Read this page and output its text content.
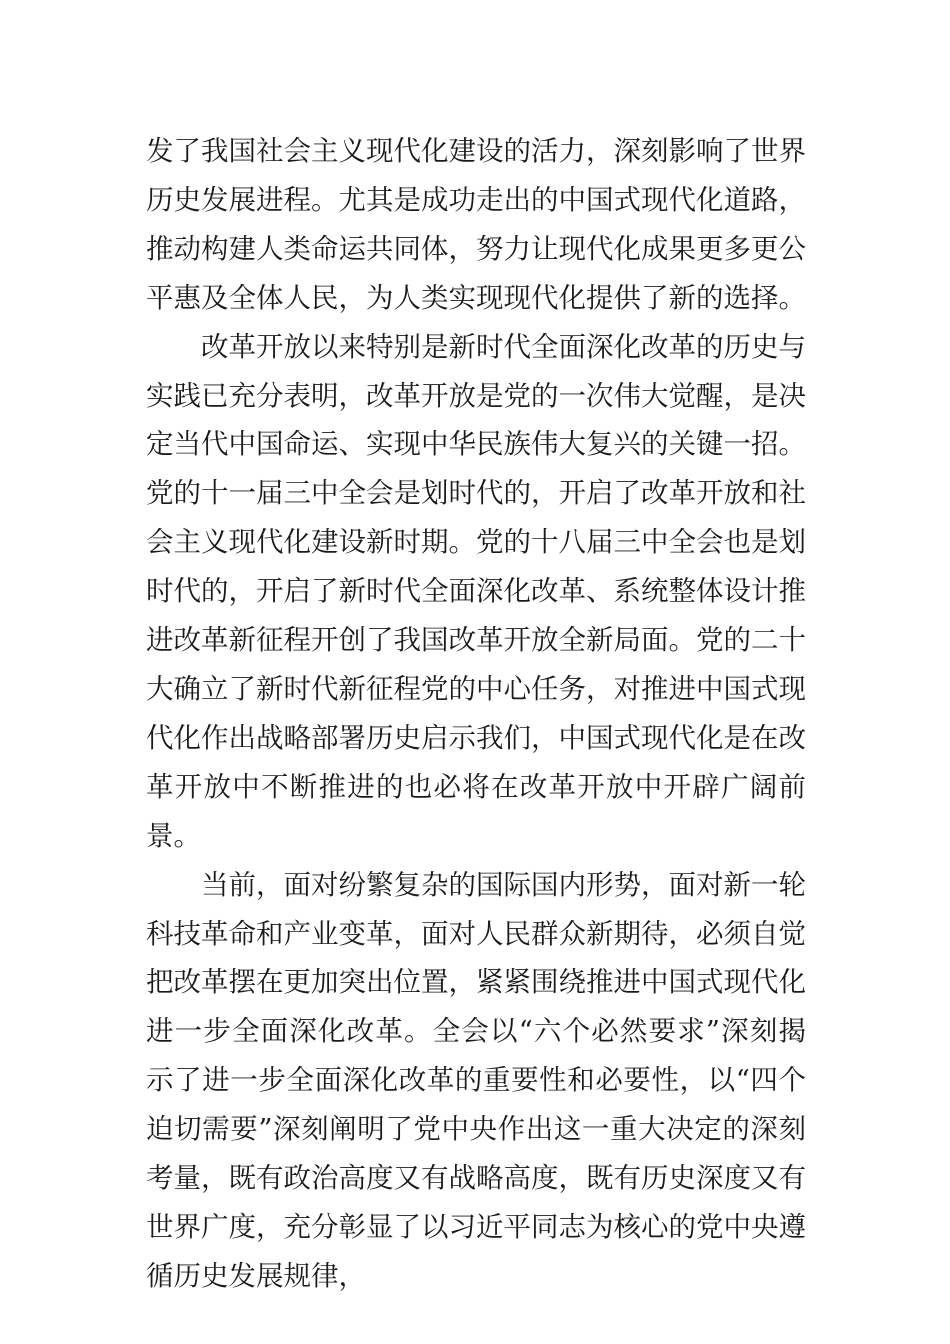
发了我国社会主义现代化建设的活力，深刻影响了世界历史发展进程。尤其是成功走出的中国式现代化道路，推动构建人类命运共同体，努力让现代化成果更多更公平惠及全体人民，为人类实现现代化提供了新的选择。

改革开放以来特别是新时代全面深化改革的历史与实践已充分表明，改革开放是党的一次伟大觉醒，是决定当代中国命运、实现中华民族伟大复兴的关键一招。党的十一届三中全会是划时代的，开启了改革开放和社会主义现代化建设新时期。党的十八届三中全会也是划时代的，开启了新时代全面深化改革、系统整体设计推进改革新征程开创了我国改革开放全新局面。党的二十大确立了新时代新征程党的中心任务，对推进中国式现代化作出战略部署历史启示我们，中国式现代化是在改革开放中不断推进的也必将在改革开放中开辟广阔前景。

当前，面对纷繁复杂的国际国内形势，面对新一轮科技革命和产业变革，面对人民群众新期待，必须自觉把改革摆在更加突出位置，紧紧围绕推进中国式现代化进一步全面深化改革。全会以“六个必然要求”深刻揭示了进一步全面深化改革的重要性和必要性，以“四个迫切需要”深刻阐明了党中央作出这一重大决定的深刻考量，既有政治高度又有战略高度，既有历史深度又有世界广度，充分彰显了以习近平同志为核心的党中央遵循历史发展规律，
